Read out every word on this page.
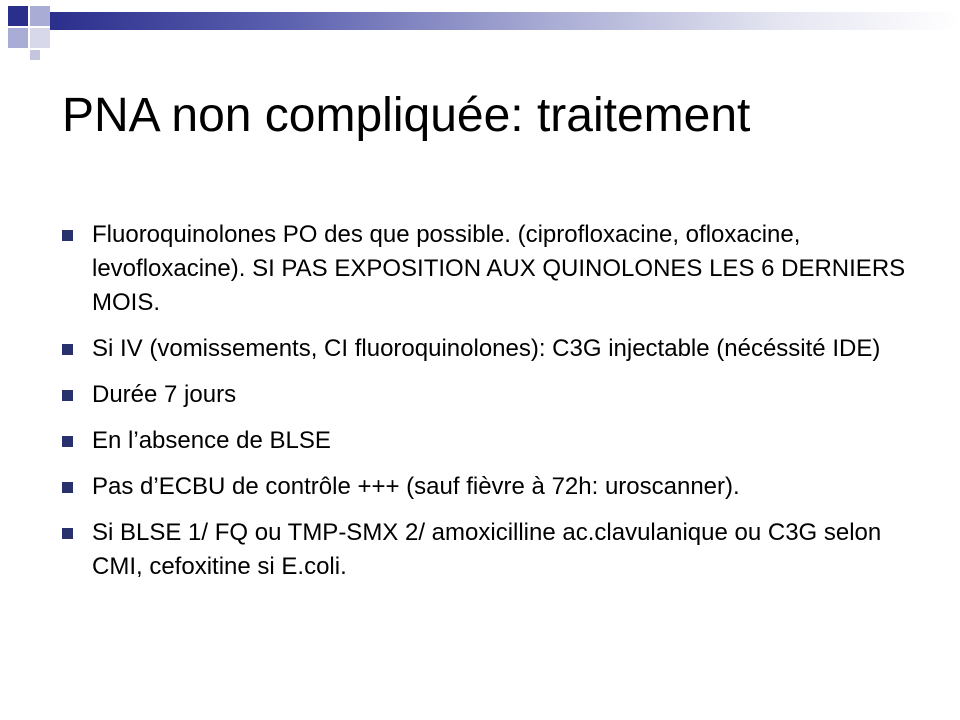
PNA non compliquée: traitement
Fluoroquinolones PO des que possible. (ciprofloxacine, ofloxacine, levofloxacine). SI PAS EXPOSITION AUX QUINOLONES LES 6 DERNIERS MOIS.
Si IV (vomissements, CI fluoroquinolones): C3G injectable (nécéssité IDE)
Durée 7 jours
En l’absence de BLSE
Pas d’ECBU de contrôle +++ (sauf fièvre à 72h: uroscanner).
Si BLSE 1/ FQ ou TMP-SMX 2/ amoxicilline ac.clavulanique ou C3G selon CMI, cefoxitine si E.coli.
